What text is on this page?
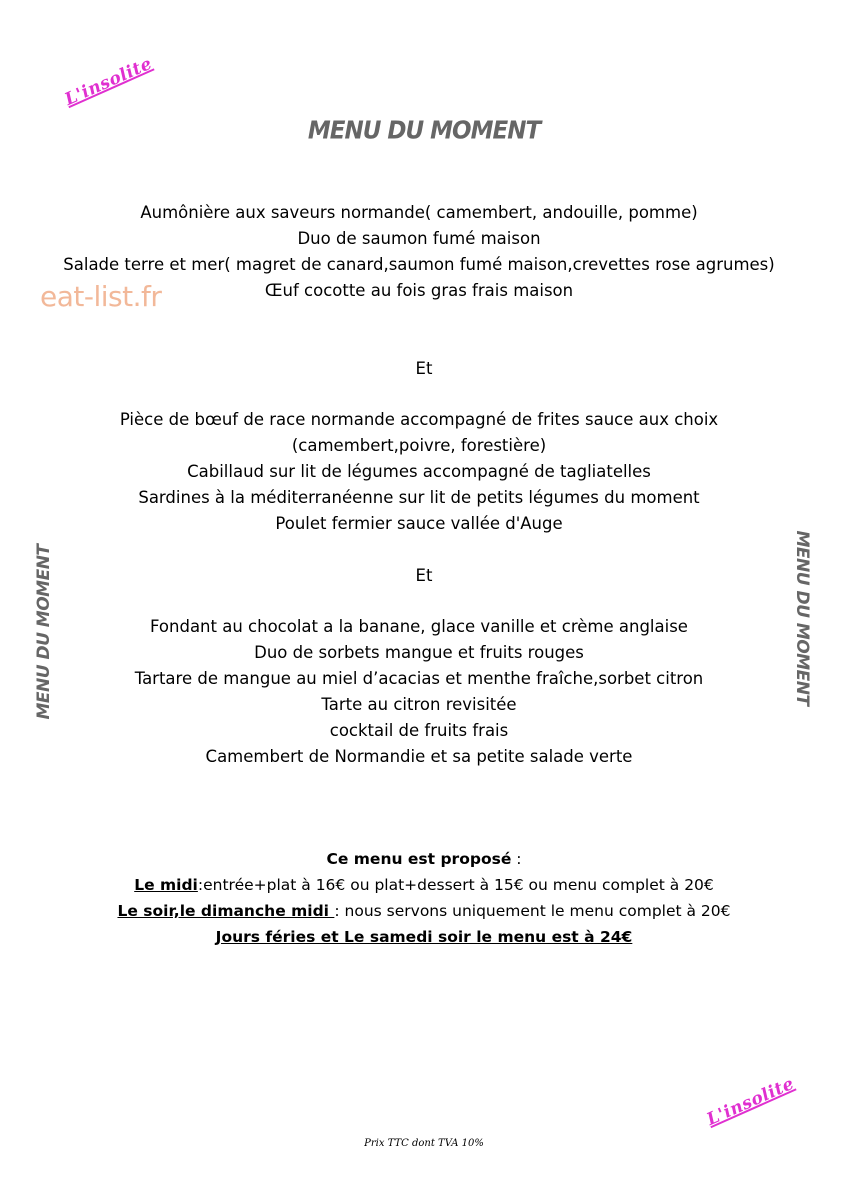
L'insolite
L'insolite
MENU DU MOMENT
MENU DU MOMENT	MENU DU MOMENT
eat-list.fr
Aumônière aux saveurs normande( camembert, andouille, pomme)
Duo de saumon fumé maison
Salade terre et mer( magret de canard,saumon fumé maison,crevettes rose agrumes)
Œuf cocotte au fois gras frais maison
Et
Pièce de bœuf de race normande accompagné de frites sauce aux choix
(camembert,poivre, forestière)
Cabillaud sur lit de légumes accompagné de tagliatelles
Sardines à la méditerranéenne sur lit de petits légumes du moment
Poulet fermier sauce vallée d'Auge
Et
Fondant au chocolat a la banane, glace vanille et crème anglaise
Duo de sorbets mangue et fruits rouges
Tartare de mangue au miel d’acacias et menthe fraîche,sorbet citron
Tarte au citron revisitée
cocktail de fruits frais
Camembert de Normandie et sa petite salade verte
Ce menu est proposé :
Le midi:entrée+plat à 16€ ou plat+dessert à 15€ ou menu complet à 20€
Le soir,le dimanche midi : nous servons uniquement le menu complet à 20€
Jours féries et Le samedi soir le menu est à 24€
Prix TTC dont TVA 10%
